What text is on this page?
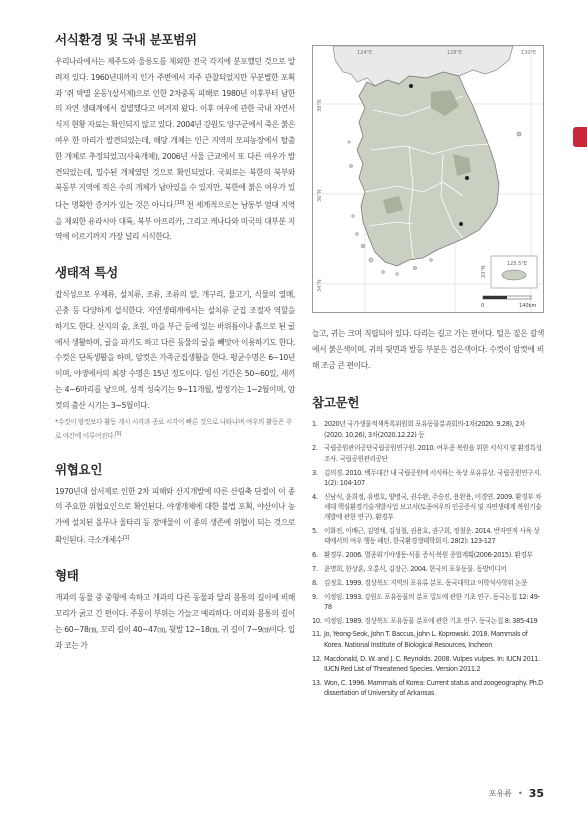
서식환경 및 국내 분포범위

우리나라에서는 제주도와 울릉도를 제외한 전국 각지에 분포했던 것으로 알려져 있다. 1960년대까지 인가 주변에서 자주 관찰되었지만 무분별한 포획과 '쥐 박멸 운동'(살서제)으로 인한 2차중독 피해로 1980년 이후부터 남한의 자연 생태계에서 절멸했다고 여겨져 왔다. 이후 여우에 관한 국내 자연서식지 현황 자료는 확인되지 않고 있다. 2004년 강원도 양구군에서 죽은 붉은여우 한 마리가 발견되었는데, 해당 개체는 인근 지역의 모피농장에서 탈출한 개체로 추정되었고(사육개체), 2006년 서울 근교에서 또 다른 여우가 발견되었는데, 밀수된 개체였던 것으로 확인되었다. 국외로는 북한의 북부와 북동부 지역에 적은 수의 개체가 남아있을 수 있지만, 북한에 붉은 여우가 있다는 명확한 증거가 있는 것은 아니다.[10] 전 세계적으로는 남동부 열대 지역을 제외한 유라시아 대륙, 북부 아프리카, 그리고 캐나다와 미국의 대부분 지역에 이르기까지 가장 널리 서식한다.

생태적 특성

잡식성으로 우제류, 설치류, 조류, 조류의 알, 개구리, 물고기, 식물의 열매, 곤충 등 다양하게 섭식한다. 자연생태계에서는 설치류 군집 조절자 역할을 하기도 한다. 산지의 숲, 초원, 마을 부근 등에 있는 바위틈이나 흙으로 된 굴에서 생활하며, 굴을 파기도 하고 다른 동물의 굴을 빼앗아 이용하기도 한다. 수컷은 단독생활을 하며, 암컷은 가족군집생활을 한다. 평균수명은 6~10년이며, 야생에서의 최장 수명은 15년 정도이다. 임신 기간은 50~60일, 새끼는 4~6마리를 낳으며, 성적 성숙기는 9~11개월, 발정기는 1~2월이며, 암컷의 출산 시기는 3~5월이다.

*수컷이 암컷보다 활동 개시 시각과 종료 시각이 빠른 것으로 나타나며 여우의 활동은 주로 야간에 이루어진다.[5]

위협요인

1970년대 살서제로 인한 2차 피해와 산지개발에 따른 산림축 단절이 이 종의 주요한 위협요인으로 확인된다. 야생개체에 대한 불법 포획, 야산이나 농가에 설치된 올무나 울타리 등 장애물이 이 종의 생존에 위협이 되는 것으로 확인된다. 극소개체수[1]

형태

개과의 동물 중 중형에 속하고 개과의 다른 동물과 달리 몸통의 길이에 비해 꼬리가 굵고 긴 편이다. 주둥이 부위는 가늘고 예리하다. 머리와 몸통의 길이는 60~78㎝, 꼬리 길이 40~47㎝, 뒷발 12~18㎝, 귀 길이 7~9㎝이다. 입과 코는 가

125.5°E
33°N
0	140km
124°E	128°E	130°E
38°N
36°N
34°N

늘고, 귀는 크며 직립되어 있다. 다리는 길고 가는 편이다. 털은 짙은 갈색에서 붉은색이며, 귀의 뒷면과 발등 부분은 검은색이다. 수컷이 암컷에 비해 조금 큰 편이다.

참고문헌
1. 2020년 국가생물적색목록위원회 포유동물분과회의-1차(2020. 9.28), 2차(2020. 10.26), 3차(2020.12.22) 등
2. 국립공원관리공단국립공원연구원. 2010. 여우종 복원을 위한 서식지 및 환경특성 조사. 국립공원관리공단
3. 김의경. 2010. 백두대간 내 국립공원에 서식하는 육상 포유류상. 국립공원연구지. 1(2): 104-107
4. 신남식, 윤희정, 유병호, 양병국, 권수완, 주승진, 용완용, 이경연. 2009. 환경부 차세대 핵심환경기술개발사업 보고서(토종여우의 인공증식 및 자연생태계 복원기술 개발에 관한 연구). 환경부
5. 이화진, 이배근, 김영채, 김성철, 권용호, 권구희, 정철운. 2014. 반자연적 사육 상태에서의 여우 행동 패턴. 한국환경생태학회지. 28(2): 123-127
6. 환경부. 2006. 멸종위기야생동·식물 증식·복원 종합계획(2006-2015). 환경부
7. 윤명희, 한상훈, 오홍식, 김장근. 2004. 한국의 포유동물. 동방미디어
8. 김정호. 1999. 경상북도 지역의 포유류 분포. 동국대학교 이학석사학위 논문
9. 이정임. 1993. 강원도 포유동물의 분포 밀도에 관한 기초 연구. 동국논집 12: 49-78
10. 이정임. 1989. 경상북도 포유동물 분포에 관한 기초 연구. 동국논집 8: 385-419
11. Jo, Yeong-Seok, John T. Baccus, John L. Koprowski. 2018. Mammals of Korea. National Institute of Biological Resources, Incheon
12. Macdonald, D. W. and J. C. Reynolds. 2008. Vulpes vulpes. In: IUCN 2011. IUCN Red List of Threatened Species. Version 2011.2
13. Won, C. 1996. Mammals of Korea: Current status and zoogeography. Ph.D dissertation of University of Arkansas
포유류 • 35
